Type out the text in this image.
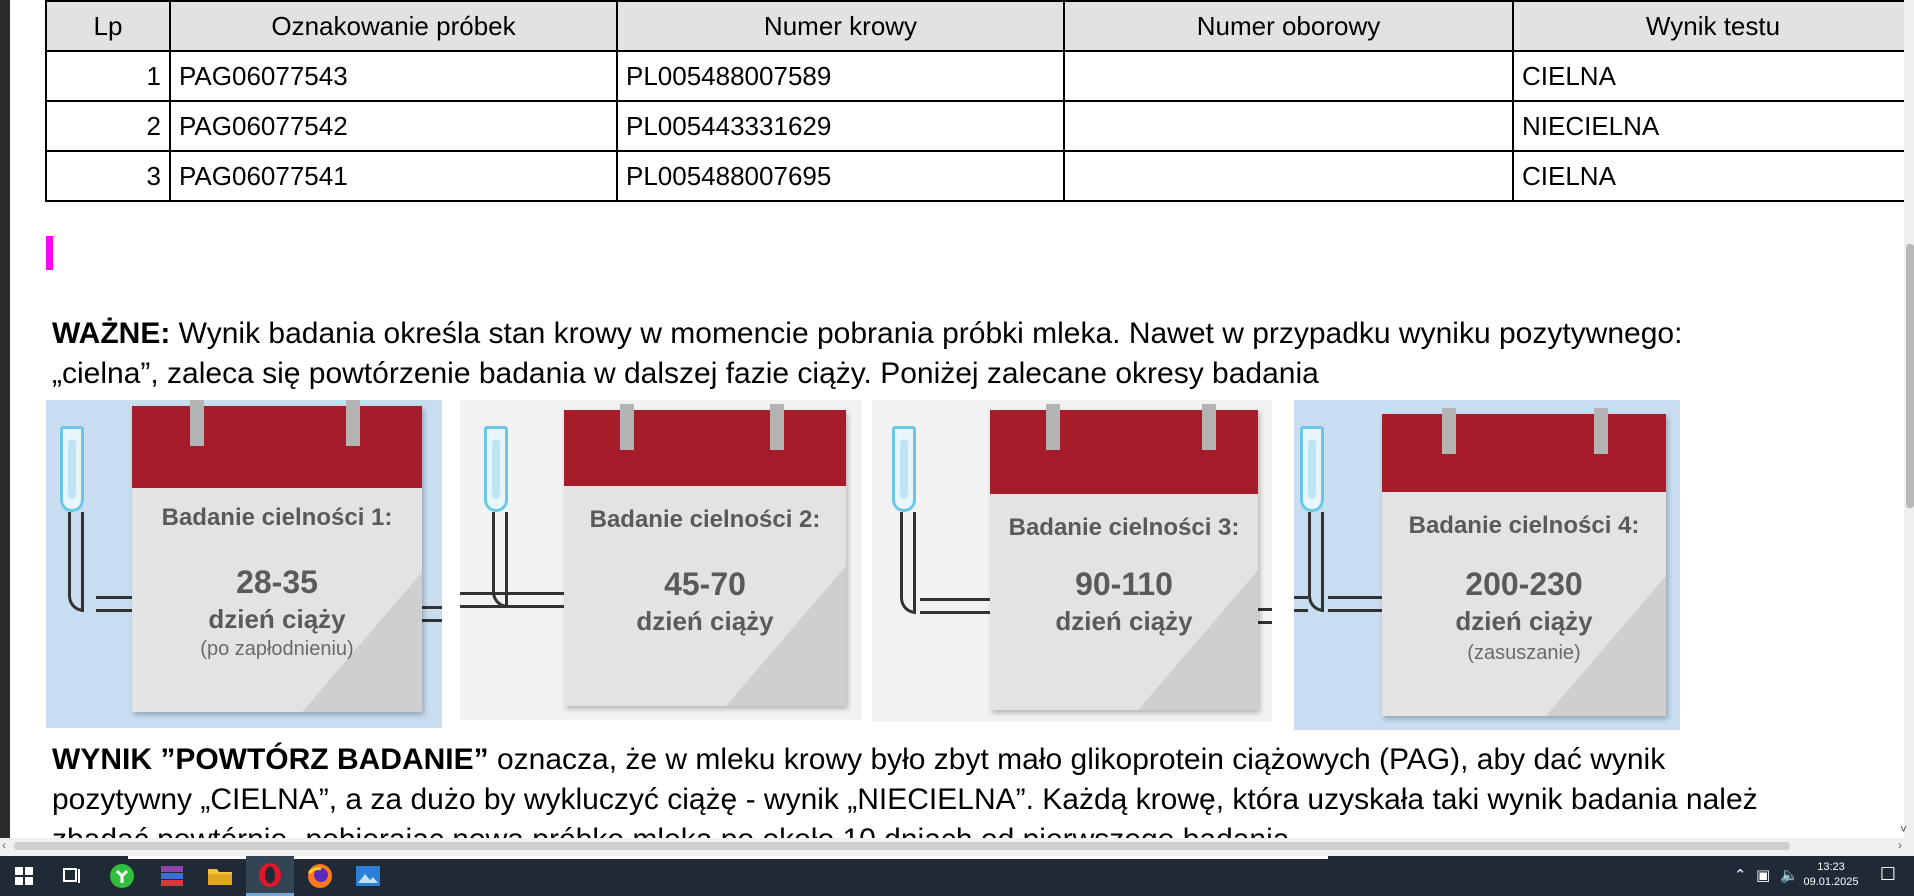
Lp	Oznakowanie próbek	Numer krowy	Numer oborowy	Wynik testu
1	PAG06077543	PL005488007589		CIELNA
2	PAG06077542	PL005443331629		NIECIELNA
3	PAG06077541	PL005488007695		CIELNA
WAŻNE: Wynik badania określa stan krowy w momencie pobrania próbki mleka. Nawet w przypadku wyniku pozytywnego:
„cielna”, zaleca się powtórzenie badania w dalszej fazie ciąży. Poniżej zalecane okresy badania
Badanie cielności 1:
28-35
dzień ciąży
(po zapłodnieniu)
Badanie cielności 2:
45-70
dzień ciąży
Badanie cielności 3:
90-110
dzień ciąży
Badanie cielności 4:
200-230
dzień ciąży
(zasuszanie)
WYNIK ”POWTÓRZ BADANIE” oznacza, że w mleku krowy było zbyt mało glikoprotein ciążowych (PAG), aby dać wynik
pozytywny „CIELNA”, a za dużo by wykluczyć ciążę - wynik „NIECIELNA”. Każdą krowę, która uzyskała taki wynik badania należ
‹	›
˅
⌃ ▣ 🔈	13:23
09.01.2025	☐
